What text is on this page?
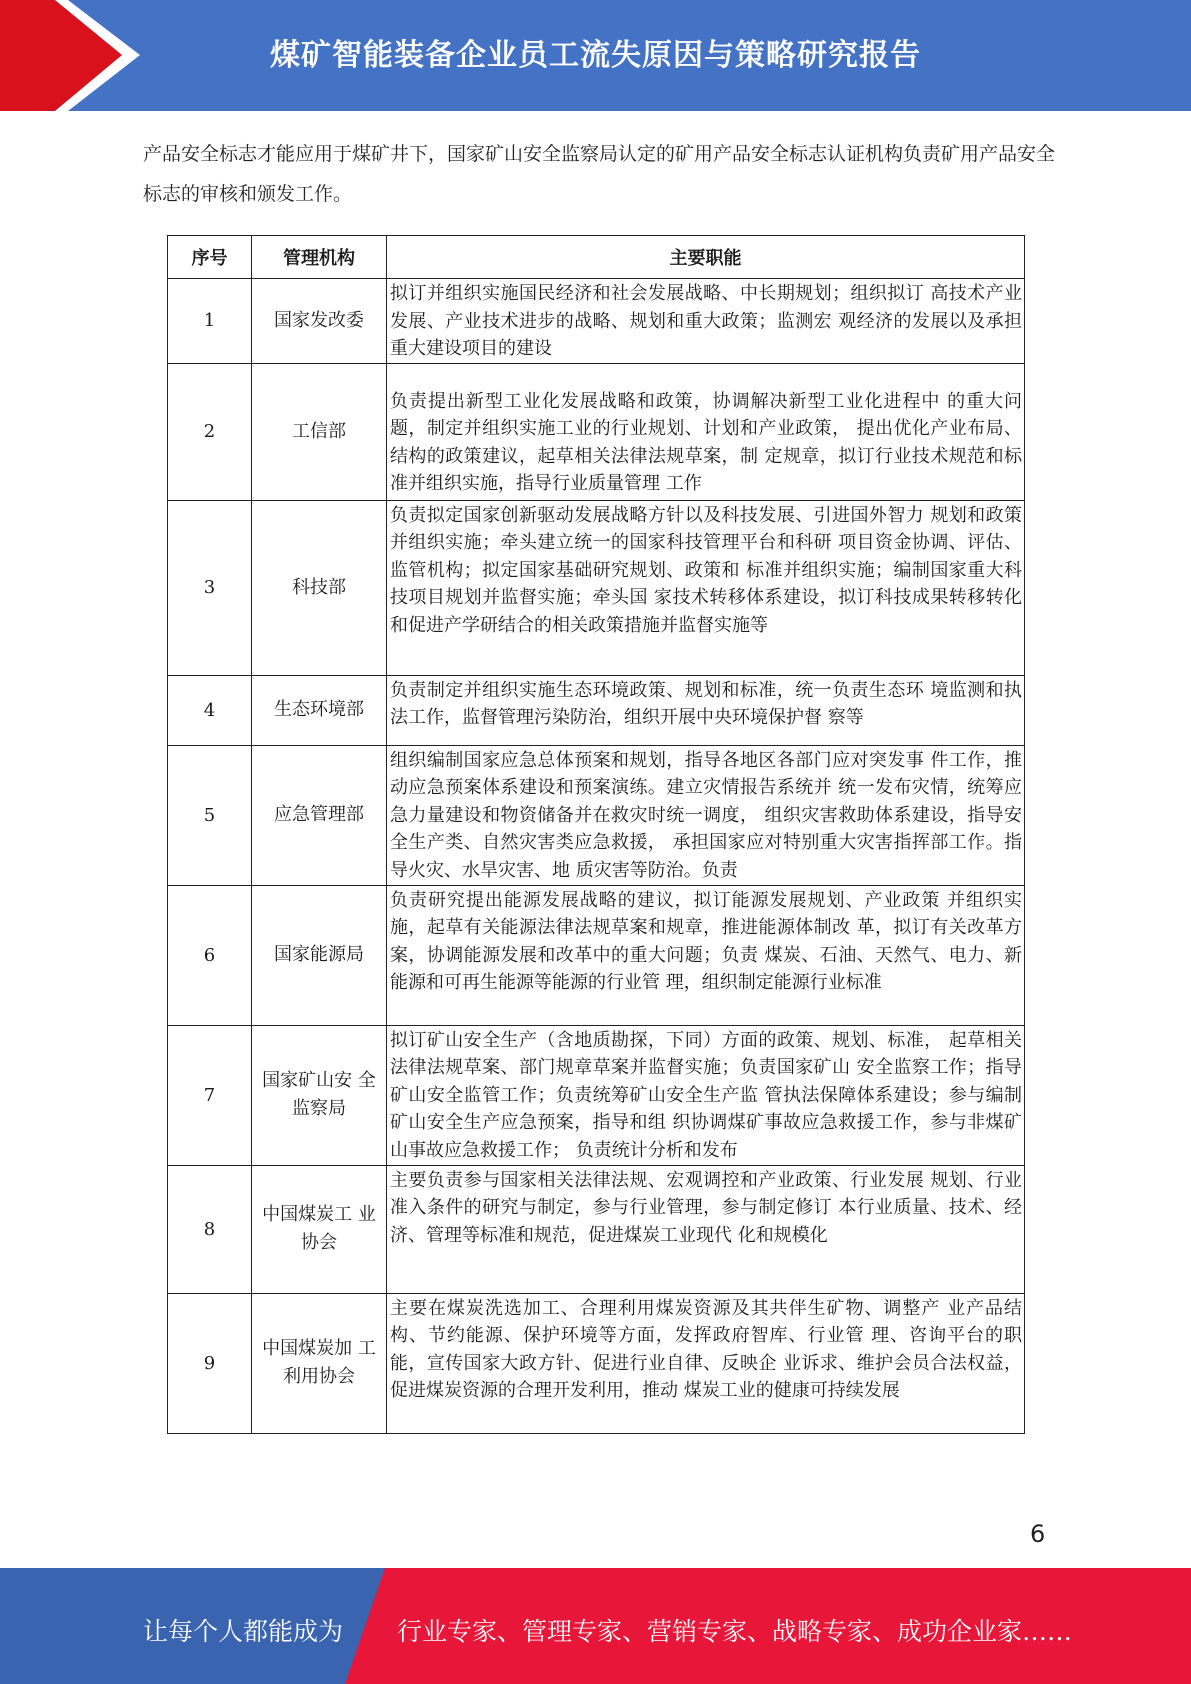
煤矿智能装备企业员工流失原因与策略研究报告
产品安全标志才能应用于煤矿井下，国家矿山安全监察局认定的矿用产品安全标志认证机构负责矿用产品安全标志的审核和颁发工作。
序号	管理机构	主要职能
1	国家发改委	拟订并组织实施国民经济和社会发展战略、中长期规划；组织拟订 高技术产业发展、产业技术进步的战略、规划和重大政策；监测宏 观经济的发展以及承担重大建设项目的建设
2	工信部	负责提出新型工业化发展战略和政策，协调解决新型工业化进程中 的重大问题，制定并组织实施工业的行业规划、计划和产业政策， 提出优化产业布局、结构的政策建议，起草相关法律法规草案，制 定规章，拟订行业技术规范和标准并组织实施，指导行业质量管理 工作
3	科技部	负责拟定国家创新驱动发展战略方针以及科技发展、引进国外智力 规划和政策并组织实施；牵头建立统一的国家科技管理平台和科研 项目资金协调、评估、监管机构；拟定国家基础研究规划、政策和 标准并组织实施；编制国家重大科技项目规划并监督实施；牵头国 家技术转移体系建设，拟订科技成果转移转化和促进产学研结合的相关政策措施并监督实施等
4	生态环境部	负责制定并组织实施生态环境政策、规划和标准，统一负责生态环 境监测和执法工作，监督管理污染防治，组织开展中央环境保护督 察等
5	应急管理部	组织编制国家应急总体预案和规划，指导各地区各部门应对突发事 件工作，推动应急预案体系建设和预案演练。建立灾情报告系统并 统一发布灾情，统筹应急力量建设和物资储备并在救灾时统一调度， 组织灾害救助体系建设，指导安全生产类、自然灾害类应急救援， 承担国家应对特别重大灾害指挥部工作。指导火灾、水旱灾害、地 质灾害等防治。负责
6	国家能源局	负责研究提出能源发展战略的建议，拟订能源发展规划、产业政策 并组织实施，起草有关能源法律法规草案和规章，推进能源体制改 革，拟订有关改革方案，协调能源发展和改革中的重大问题；负责 煤炭、石油、天然气、电力、新能源和可再生能源等能源的行业管 理，组织制定能源行业标准
7	国家矿山安 全监察局	拟订矿山安全生产（含地质勘探，下同）方面的政策、规划、标准， 起草相关法律法规草案、部门规章草案并监督实施；负责国家矿山 安全监察工作；指导矿山安全监管工作；负责统筹矿山安全生产监 管执法保障体系建设；参与编制矿山安全生产应急预案，指导和组 织协调煤矿事故应急救援工作，参与非煤矿山事故应急救援工作； 负责统计分析和发布
8	中国煤炭工 业协会	主要负责参与国家相关法律法规、宏观调控和产业政策、行业发展 规划、行业准入条件的研究与制定，参与行业管理，参与制定修订 本行业质量、技术、经济、管理等标准和规范，促进煤炭工业现代 化和规模化
9	中国煤炭加 工利用协会	主要在煤炭洗选加工、合理利用煤炭资源及其共伴生矿物、调整产 业产品结构、节约能源、保护环境等方面，发挥政府智库、行业管 理、咨询平台的职能，宣传国家大政方针、促进行业自律、反映企 业诉求、维护会员合法权益，促进煤炭资源的合理开发利用，推动 煤炭工业的健康可持续发展
6
让每个人都能成为 行业专家、管理专家、营销专家、战略专家、成功企业家……
